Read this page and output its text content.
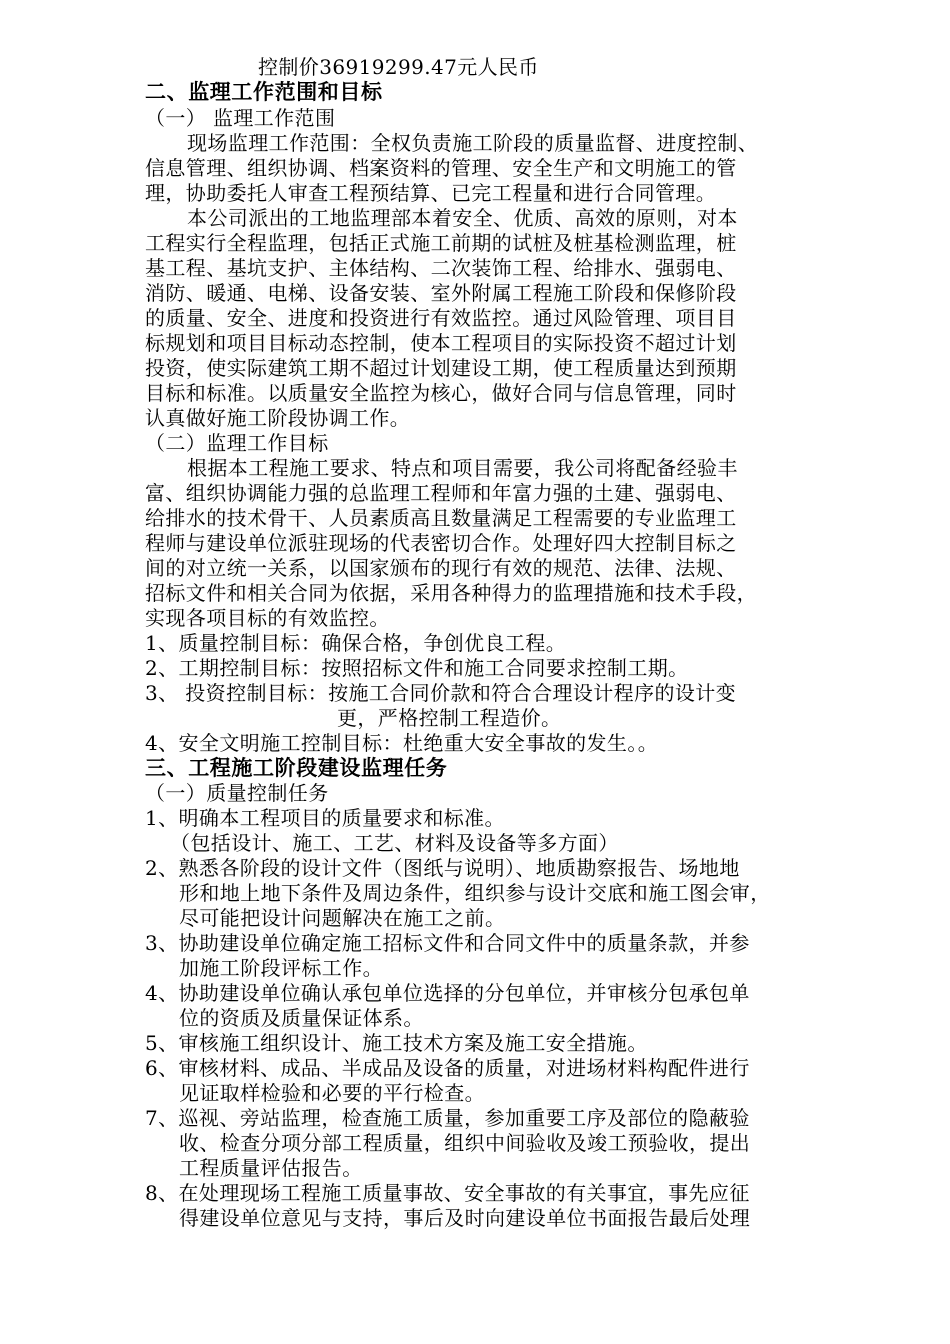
控制价36919299.47元人民币
二、监理工作范围和目标
（一） 监理工作范围
现场监理工作范围：全权负责施工阶段的质量监督、进度控制、
信息管理、组织协调、档案资料的管理、安全生产和文明施工的管
理，协助委托人审查工程预结算、已完工程量和进行合同管理。
本公司派出的工地监理部本着安全、优质、高效的原则，对本
工程实行全程监理，包括正式施工前期的试桩及桩基检测监理，桩
基工程、基坑支护、主体结构、二次装饰工程、给排水、强弱电、
消防、暖通、电梯、设备安装、室外附属工程施工阶段和保修阶段
的质量、安全、进度和投资进行有效监控。通过风险管理、项目目
标规划和项目目标动态控制，使本工程项目的实际投资不超过计划
投资，使实际建筑工期不超过计划建设工期，使工程质量达到预期
目标和标准。以质量安全监控为核心，做好合同与信息管理，同时
认真做好施工阶段协调工作。
（二）监理工作目标
根据本工程施工要求、特点和项目需要，我公司将配备经验丰
富、组织协调能力强的总监理工程师和年富力强的土建、强弱电、
给排水的技术骨干、人员素质高且数量满足工程需要的专业监理工
程师与建设单位派驻现场的代表密切合作。处理好四大控制目标之
间的对立统一关系，以国家颁布的现行有效的规范、法律、法规、
招标文件和相关合同为依据，采用各种得力的监理措施和技术手段，
实现各项目标的有效监控。
1、质量控制目标：确保合格，争创优良工程。
2、工期控制目标：按照招标文件和施工合同要求控制工期。
3、 投资控制目标：按施工合同价款和符合合理设计程序的设计变
更，严格控制工程造价。
4、安全文明施工控制目标：杜绝重大安全事故的发生。。
三、工程施工阶段建设监理任务
（一）质量控制任务
1、明确本工程项目的质量要求和标准。
（包括设计、施工、工艺、材料及设备等多方面）
2、熟悉各阶段的设计文件（图纸与说明）、地质勘察报告、场地地
形和地上地下条件及周边条件，组织参与设计交底和施工图会审，
尽可能把设计问题解决在施工之前。
3、协助建设单位确定施工招标文件和合同文件中的质量条款，并参
加施工阶段评标工作。
4、协助建设单位确认承包单位选择的分包单位，并审核分包承包单
位的资质及质量保证体系。
5、审核施工组织设计、施工技术方案及施工安全措施。
6、审核材料、成品、半成品及设备的质量，对进场材料构配件进行
见证取样检验和必要的平行检查。
7、巡视、旁站监理，检查施工质量，参加重要工序及部位的隐蔽验
收、检查分项分部工程质量，组织中间验收及竣工预验收，提出
工程质量评估报告。
8、在处理现场工程施工质量事故、安全事故的有关事宜，事先应征
得建设单位意见与支持，事后及时向建设单位书面报告最后处理
